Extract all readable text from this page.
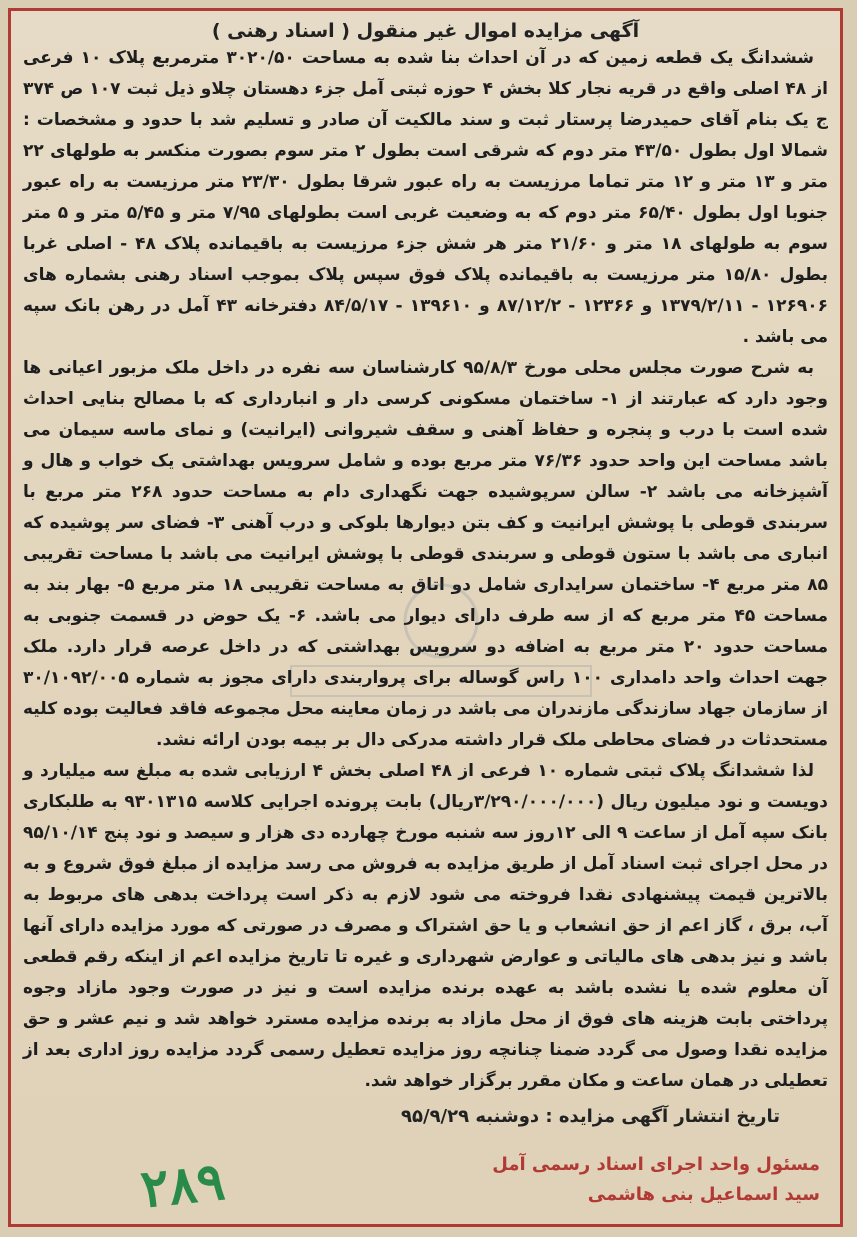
آگهی مزایده اموال غیر منقول ( اسناد رهنی )

ششدانگ یک قطعه زمین که در آن احداث بنا شده به مساحت ۳۰۲۰/۵۰ مترمربع پلاک ۱۰ فرعی از ۴۸ اصلی واقع در قریه نجار کلا بخش ۴ حوزه ثبتی آمل جزء دهستان چلاو ذیل ثبت ۱۰۷ ص ۳۷۴ ج یک بنام آقای حمیدرضا پرستار ثبت و سند مالکیت آن صادر و تسلیم شد با حدود و مشخصات : شمالا اول بطول ۴۳/۵۰ متر دوم که شرقی است بطول ۲ متر سوم بصورت منکسر به طولهای ۲۲ متر و ۱۳ متر و ۱۲ متر تماما مرزیست به راه عبور شرقا بطول ۲۳/۳۰ متر مرزیست به راه عبور جنوبا اول بطول ۶۵/۴۰ متر دوم که به وضعیت غربی است بطولهای ۷/۹۵ متر و ۵/۴۵ متر و ۵ متر سوم به طولهای ۱۸ متر و ۲۱/۶۰ متر هر شش جزء مرزیست به باقیمانده پلاک ۴۸ - اصلی غربا بطول ۱۵/۸۰ متر مرزیست به باقیمانده پلاک فوق سپس پلاک بموجب اسناد رهنی بشماره های ۱۲۶۹۰۶ - ۱۳۷۹/۲/۱۱ و ۱۲۳۶۶ - ۸۷/۱۲/۲ و ۱۳۹۶۱۰ - ۸۴/۵/۱۷ دفترخانه ۴۳ آمل در رهن بانک سپه می باشد .

به شرح صورت مجلس محلی مورخ ۹۵/۸/۳ کارشناسان سه نفره در داخل ملک مزبور اعیانی ها وجود دارد که عبارتند از ۱- ساختمان مسکونی کرسی دار و انبارداری که با مصالح بنایی احداث شده است با درب و پنجره و حفاظ آهنی و سقف شیروانی (ایرانیت) و نمای ماسه سیمان می باشد مساحت این واحد حدود ۷۶/۳۶ متر مربع بوده و شامل سرویس بهداشتی یک خواب و هال و آشپزخانه می باشد ۲- سالن سرپوشیده جهت نگهداری دام به مساحت حدود ۲۶۸ متر مربع با سربندی قوطی با پوشش ایرانیت و کف بتن دیوارها بلوکی و درب آهنی ۳- فضای سر پوشیده که انباری می باشد با ستون قوطی و سربندی قوطی با پوشش ایرانیت می باشد با مساحت تقریبی ۸۵ متر مربع ۴- ساختمان سرایداری شامل دو اتاق به مساحت تقریبی ۱۸ متر مربع ۵- بهار بند به مساحت ۴۵ متر مربع که از سه طرف دارای دیوار می باشد. ۶- یک حوض در قسمت جنوبی به مساحت حدود ۲۰ متر مربع به اضافه دو سرویس بهداشتی که در داخل عرصه قرار دارد. ملک جهت احداث واحد دامداری ۱۰۰ راس گوساله برای پرواربندی دارای مجوز به شماره ۳۰/۱۰۹۲/۰۰۵ از سازمان جهاد سازندگی مازندران می باشد در زمان معاینه محل مجموعه فاقد فعالیت بوده کلیه مستحدثات در فضای محاطی ملک قرار داشته مدرکی دال بر بیمه بودن ارائه نشد.

لذا ششدانگ پلاک ثبتی شماره ۱۰ فرعی از ۴۸ اصلی بخش ۴ ارزیابی شده به مبلغ سه میلیارد و دویست و نود میلیون ریال (۳/۲۹۰/۰۰۰/۰۰۰ریال) بابت پرونده اجرایی کلاسه ۹۳۰۱۳۱۵ به طلبکاری بانک سپه آمل از ساعت ۹ الی ۱۲روز سه شنبه مورخ چهارده دی هزار و سیصد و نود پنج ۹۵/۱۰/۱۴ در محل اجرای ثبت اسناد آمل از طریق مزایده به فروش می رسد مزایده از مبلغ فوق شروع و به بالاترین قیمت پیشنهادی نقدا فروخته می شود لازم به ذکر است پرداخت بدهی های مربوط به آب، برق ، گاز اعم از حق انشعاب و یا حق اشتراک و مصرف در صورتی که مورد مزایده دارای آنها باشد و نیز بدهی های مالیاتی و عوارض شهرداری و غیره تا تاریخ مزایده اعم از اینکه رقم قطعی آن معلوم شده یا نشده باشد به عهده برنده مزایده است و نیز در صورت وجود مازاد وجوه پرداختی بابت هزینه های فوق از محل مازاد به برنده مزایده مسترد خواهد شد و نیم عشر و حق مزایده نقدا وصول می گردد ضمنا چنانچه روز مزایده تعطیل رسمی گردد مزایده روز اداری بعد از تعطیلی در همان ساعت و مکان مقرر برگزار خواهد شد.

تاریخ انتشار آگهی مزایده : دوشنبه ۹۵/۹/۲۹
مسئول واحد اجرای اسناد رسمی آمل
سید اسماعیل بنی هاشمی
۲۸۹
